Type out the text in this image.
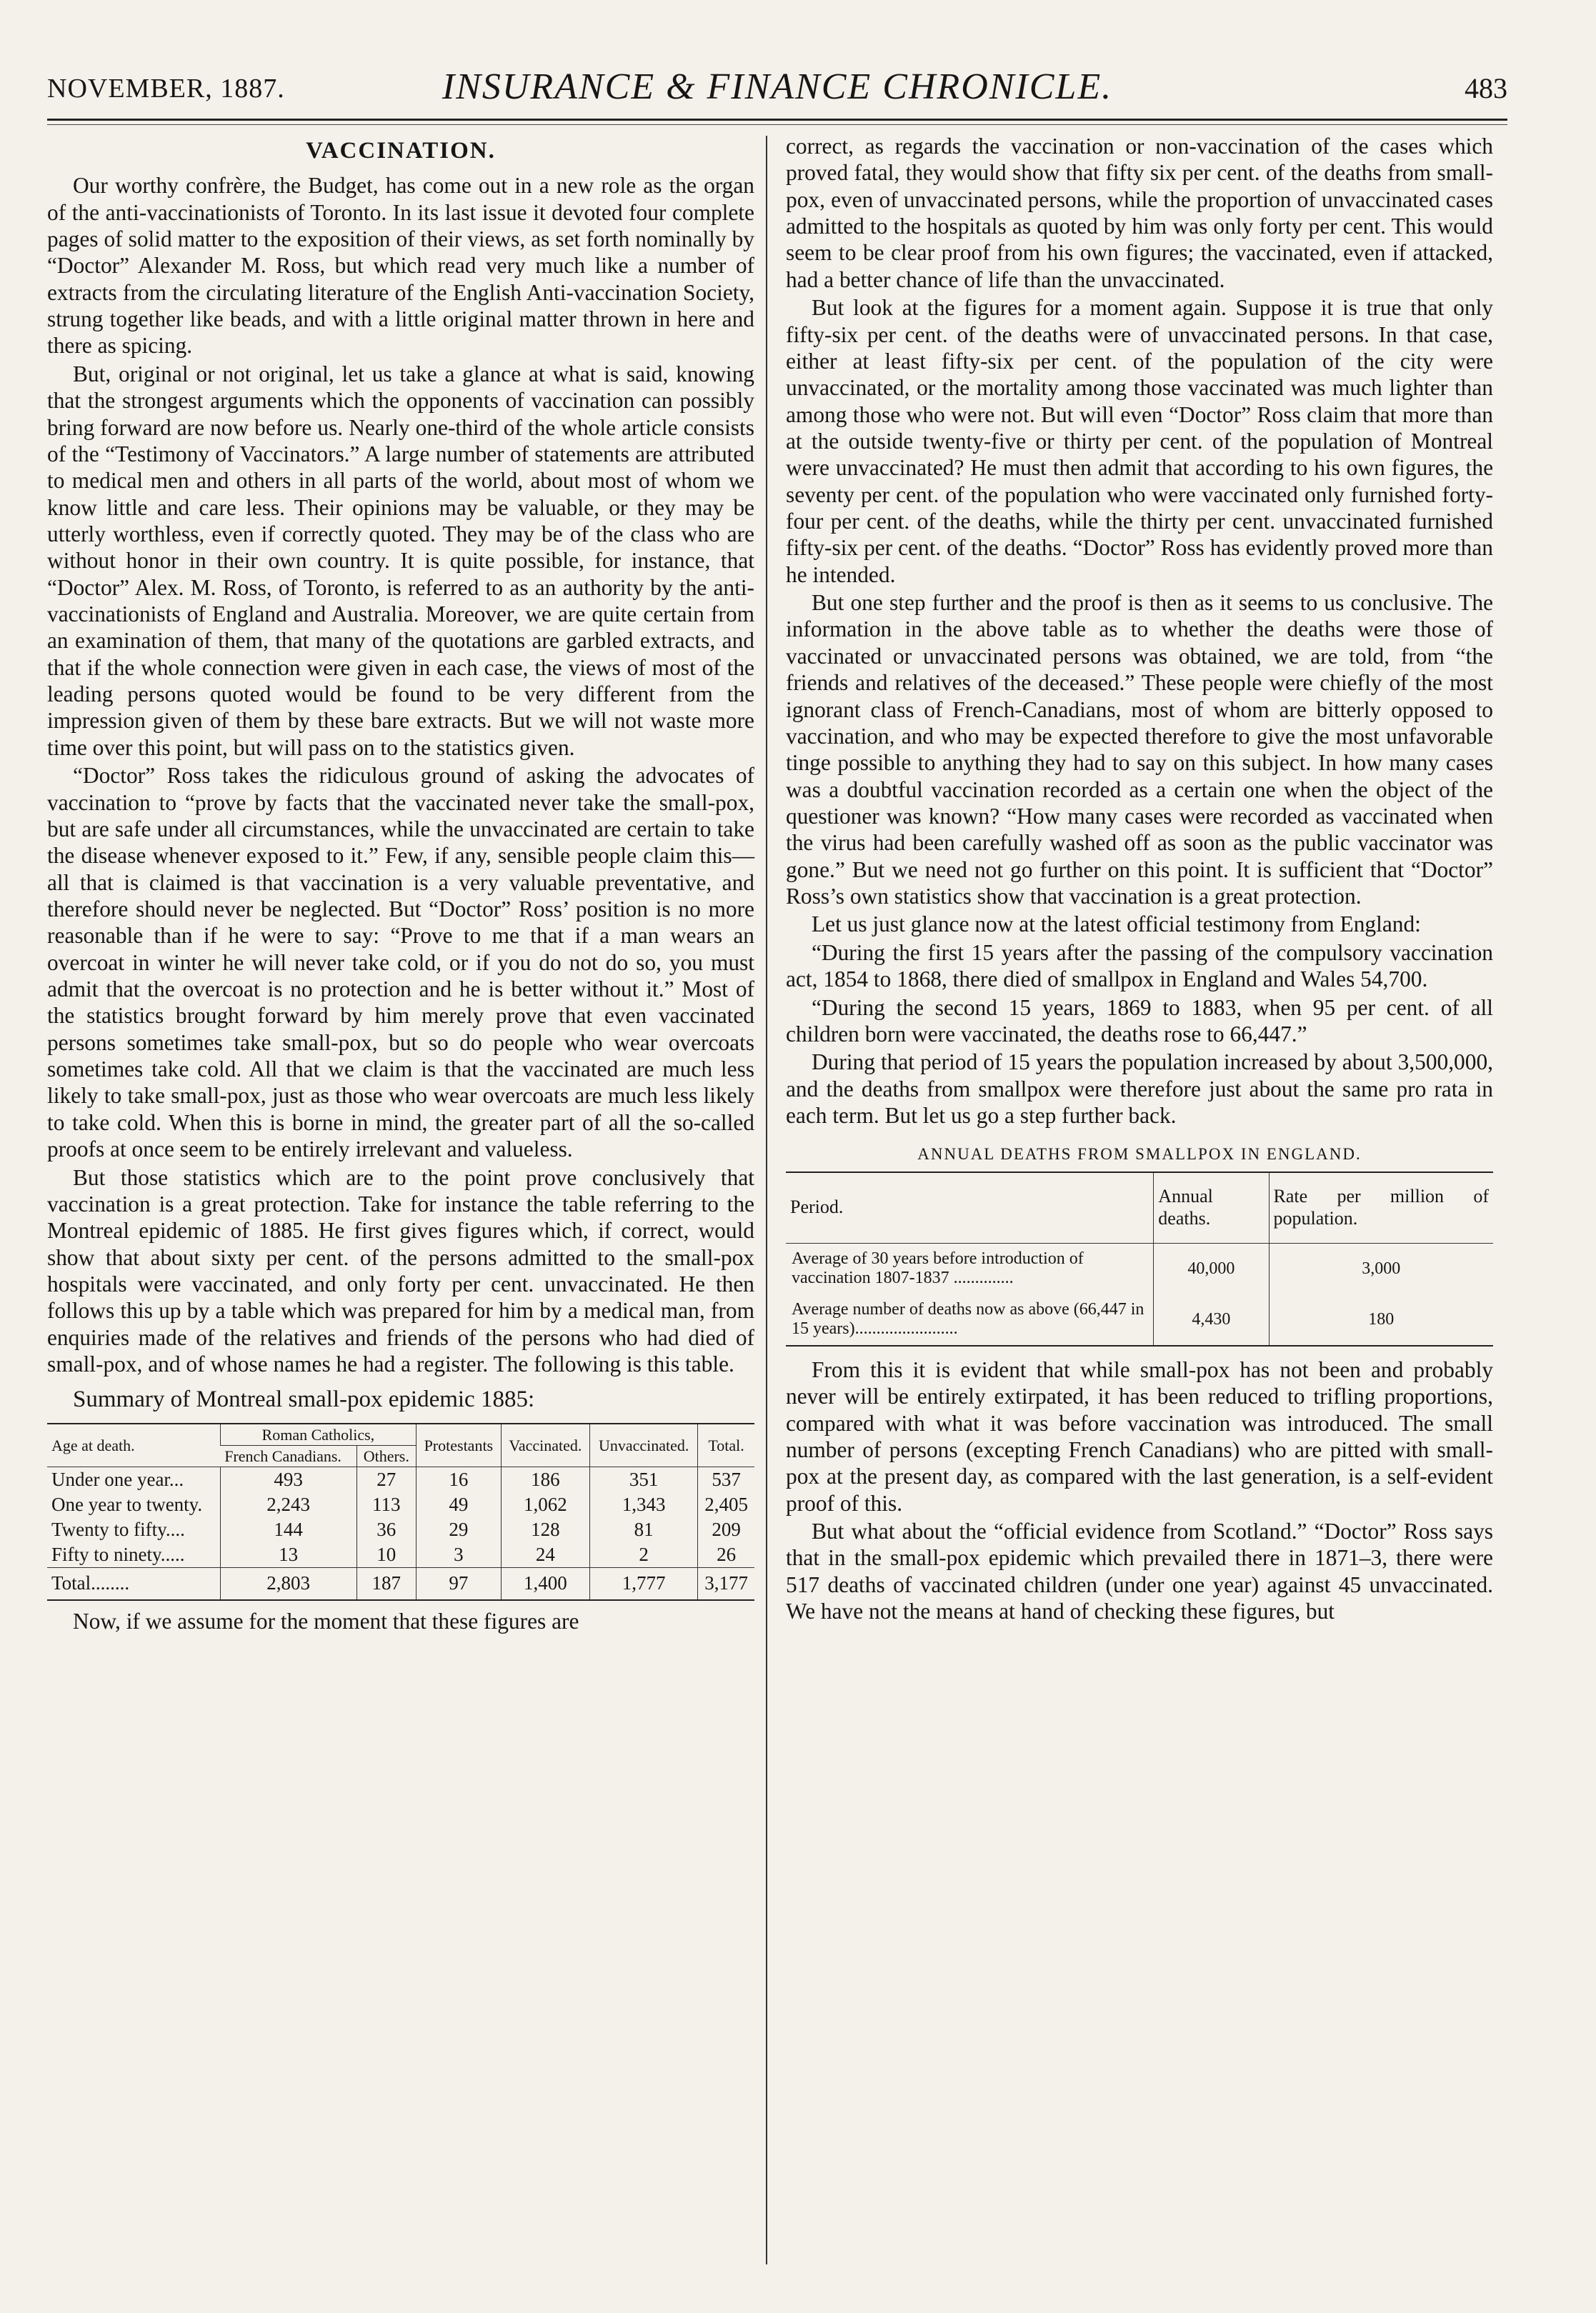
NOVEMBER, 1887.	INSURANCE & FINANCE CHRONICLE.	483
VACCINATION.

Our worthy confrère, the Budget, has come out in a new role as the organ of the anti-vaccinationists of Toronto. In its last issue it devoted four complete pages of solid matter to the exposition of their views, as set forth nominally by “Doctor” Alexander M. Ross, but which read very much like a number of extracts from the circulating literature of the English Anti-vaccination Society, strung together like beads, and with a little original matter thrown in here and there as spicing.

But, original or not original, let us take a glance at what is said, knowing that the strongest arguments which the opponents of vaccination can possibly bring forward are now before us. Nearly one-third of the whole article consists of the “Testimony of Vaccinators.” A large number of statements are attributed to medical men and others in all parts of the world, about most of whom we know little and care less. Their opinions may be valuable, or they may be utterly worthless, even if correctly quoted. They may be of the class who are without honor in their own country. It is quite possible, for instance, that “Doctor” Alex. M. Ross, of Toronto, is referred to as an authority by the anti-vaccinationists of England and Australia. Moreover, we are quite certain from an examination of them, that many of the quotations are garbled extracts, and that if the whole connection were given in each case, the views of most of the leading persons quoted would be found to be very different from the impression given of them by these bare extracts. But we will not waste more time over this point, but will pass on to the statistics given.

“Doctor” Ross takes the ridiculous ground of asking the advocates of vaccination to “prove by facts that the vaccinated never take the small-pox, but are safe under all circumstances, while the unvaccinated are certain to take the disease whenever exposed to it.” Few, if any, sensible people claim this—all that is claimed is that vaccination is a very valuable preventative, and therefore should never be neglected. But “Doctor” Ross’ position is no more reasonable than if he were to say: “Prove to me that if a man wears an overcoat in winter he will never take cold, or if you do not do so, you must admit that the overcoat is no protection and he is better without it.” Most of the statistics brought forward by him merely prove that even vaccinated persons sometimes take small-pox, but so do people who wear overcoats sometimes take cold. All that we claim is that the vaccinated are much less likely to take small-pox, just as those who wear overcoats are much less likely to take cold. When this is borne in mind, the greater part of all the so-called proofs at once seem to be entirely irrelevant and valueless.

But those statistics which are to the point prove conclusively that vaccination is a great protection. Take for instance the table referring to the Montreal epidemic of 1885. He first gives figures which, if correct, would show that about sixty per cent. of the persons admitted to the small-pox hospitals were vaccinated, and only forty per cent. unvaccinated. He then follows this up by a table which was prepared for him by a medical man, from enquiries made of the relatives and friends of the persons who had died of small-pox, and of whose names he had a register. The following is this table.

Summary of Montreal small-pox epidemic 1885:
Age at death.	Roman Catholics,		Protestants	Vaccinated.	Unvaccinated.	Total.
	French Canadians.	Others.				
Under one year...	493	27	16	186	351	537
One year to twenty.	2,243	113	49	1,062	1,343	2,405
Twenty to fifty....	144	36	29	128	81	209
Fifty to ninety.....	13	10	3	24	2	26
Total........	2,803	187	97	1,400	1,777	3,177

Now, if we assume for the moment that these figures are

correct, as regards the vaccination or non-vaccination of the cases which proved fatal, they would show that fifty six per cent. of the deaths from small-pox, even of unvaccinated persons, while the proportion of unvaccinated cases admitted to the hospitals as quoted by him was only forty per cent. This would seem to be clear proof from his own figures; the vaccinated, even if attacked, had a better chance of life than the unvaccinated.

But look at the figures for a moment again. Suppose it is true that only fifty-six per cent. of the deaths were of unvaccinated persons. In that case, either at least fifty-six per cent. of the population of the city were unvaccinated, or the mortality among those vaccinated was much lighter than among those who were not. But will even “Doctor” Ross claim that more than at the outside twenty-five or thirty per cent. of the population of Montreal were unvaccinated? He must then admit that according to his own figures, the seventy per cent. of the population who were vaccinated only furnished forty-four per cent. of the deaths, while the thirty per cent. unvaccinated furnished fifty-six per cent. of the deaths. “Doctor” Ross has evidently proved more than he intended.

But one step further and the proof is then as it seems to us conclusive. The information in the above table as to whether the deaths were those of vaccinated or unvaccinated persons was obtained, we are told, from “the friends and relatives of the deceased.” These people were chiefly of the most ignorant class of French-Canadians, most of whom are bitterly opposed to vaccination, and who may be expected therefore to give the most unfavorable tinge possible to anything they had to say on this subject. In how many cases was a doubtful vaccination recorded as a certain one when the object of the questioner was known? “How many cases were recorded as vaccinated when the virus had been carefully washed off as soon as the public vaccinator was gone.” But we need not go further on this point. It is sufficient that “Doctor” Ross’s own statistics show that vaccination is a great protection.

Let us just glance now at the latest official testimony from England:

“During the first 15 years after the passing of the compulsory vaccination act, 1854 to 1868, there died of smallpox in England and Wales 54,700.

“During the second 15 years, 1869 to 1883, when 95 per cent. of all children born were vaccinated, the deaths rose to 66,447.”

During that period of 15 years the population increased by about 3,500,000, and the deaths from smallpox were therefore just about the same pro rata in each term. But let us go a step further back.

ANNUAL DEATHS FROM SMALLPOX IN ENGLAND.
Period.	Annual deaths.	Rate per million of population.
Average of 30 years before introduction of vaccination 1807-1837 ..............	40,000	3,000
Average number of deaths now as above (66,447 in 15 years)........................	4,430	180

From this it is evident that while small-pox has not been and probably never will be entirely extirpated, it has been reduced to trifling proportions, compared with what it was before vaccination was introduced. The small number of persons (excepting French Canadians) who are pitted with small-pox at the present day, as compared with the last generation, is a self-evident proof of this.

But what about the “official evidence from Scotland.” “Doctor” Ross says that in the small-pox epidemic which prevailed there in 1871–3, there were 517 deaths of vaccinated children (under one year) against 45 unvaccinated. We have not the means at hand of checking these figures, but
